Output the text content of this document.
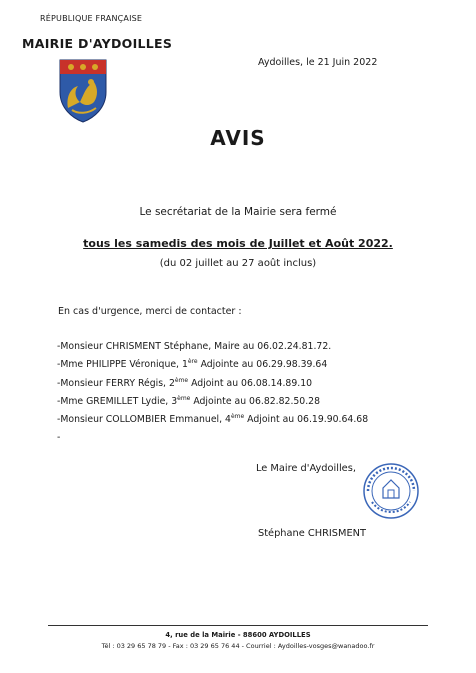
RÉPUBLIQUE FRANÇAISE
MAIRIE D'AYDOILLES
Aydoilles, le 21 Juin 2022
AVIS
Le secrétariat de la Mairie sera fermé
tous les samedis des mois de Juillet et Août 2022.
(du 02 juillet au 27 août inclus)
En cas d'urgence, merci de contacter :
-Monsieur CHRISMENT Stéphane, Maire au 06.02.24.81.72.
-Mme PHILIPPE Véronique, 1ère Adjointe au 06.29.98.39.64
-Monsieur FERRY Régis, 2ème Adjoint au 06.08.14.89.10
-Mme GREMILLET Lydie, 3ème Adjointe au 06.82.82.50.28
-Monsieur COLLOMBIER Emmanuel, 4ème Adjoint au 06.19.90.64.68
-
Le Maire d'Aydoilles,
Stéphane CHRISMENT
4, rue de la Mairie - 88600 AYDOILLES
Tél : 03 29 65 78 79 - Fax : 03 29 65 76 44 - Courriel : Aydoilles-vosges@wanadoo.fr
